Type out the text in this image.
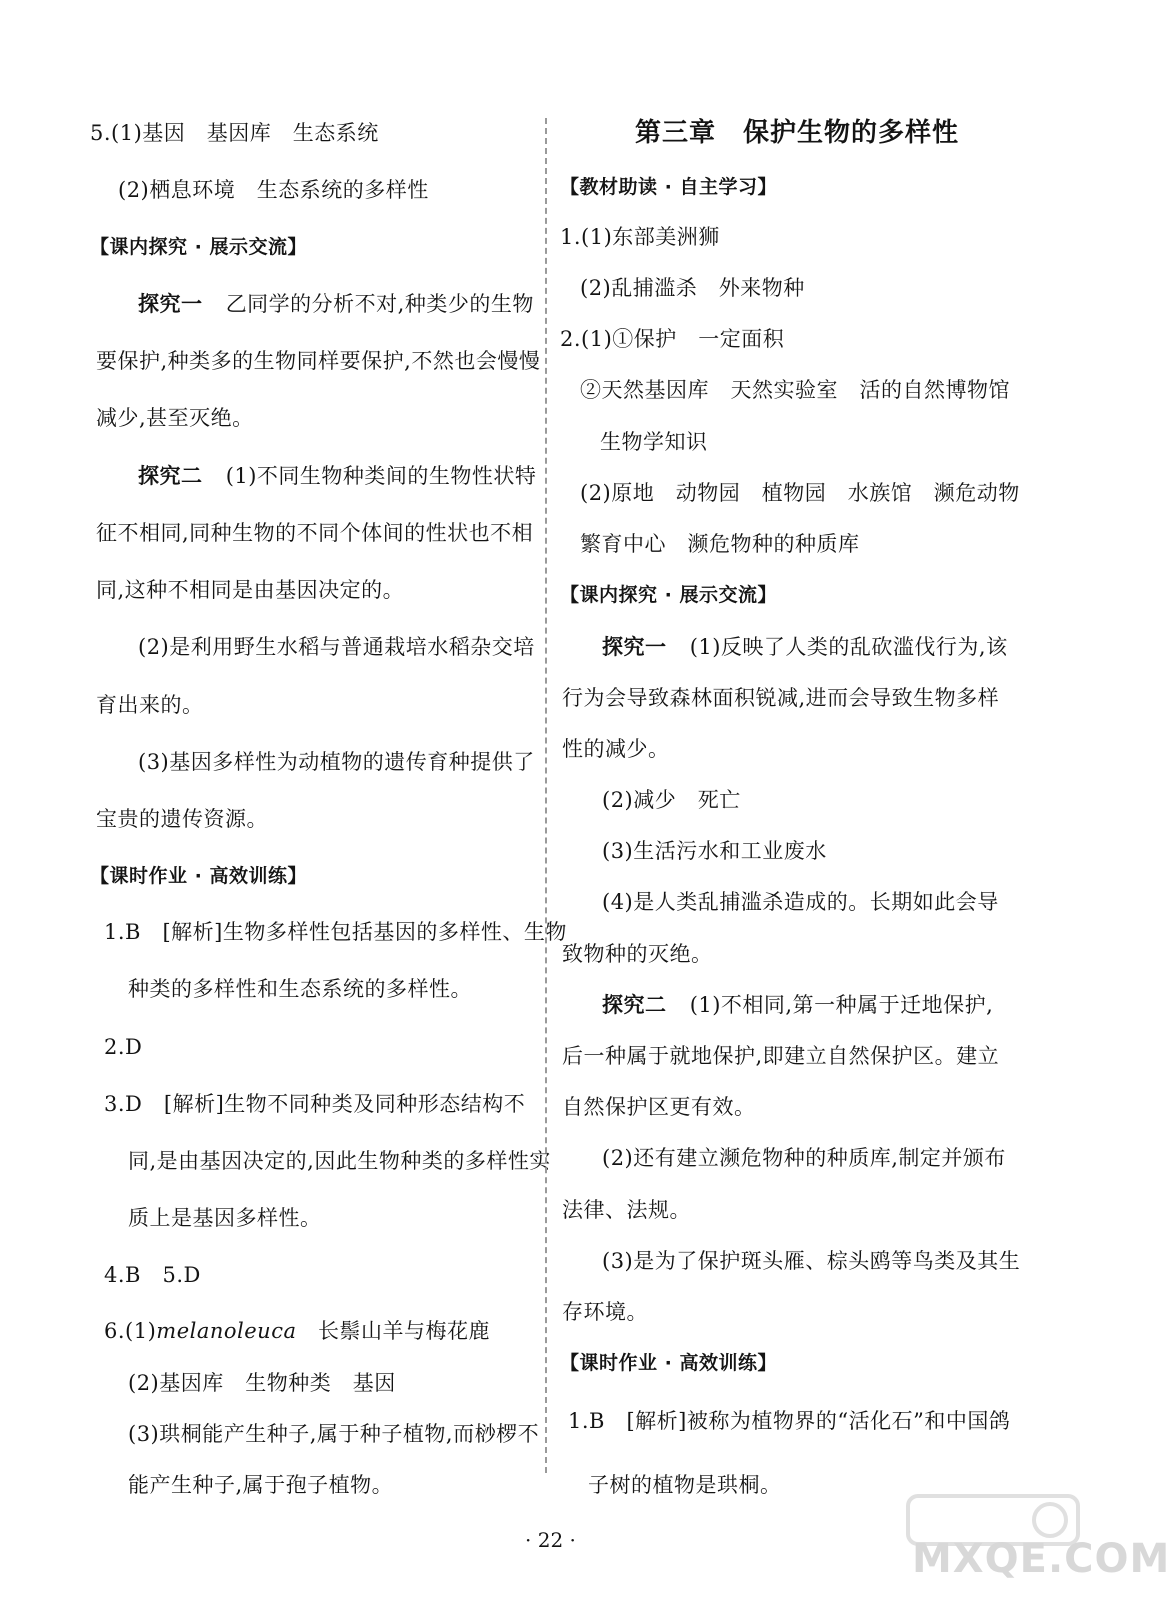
5.(1)基因　基因库　生态系统
(2)栖息环境　生态系统的多样性
【课内探究 · 展示交流】
探究一 乙同学的分析不对,种类少的生物
要保护,种类多的生物同样要保护,不然也会慢慢
减少,甚至灭绝。
探究二 (1)不同生物种类间的生物性状特
征不相同,同种生物的不同个体间的性状也不相
同,这种不相同是由基因决定的。
(2)是利用野生水稻与普通栽培水稻杂交培
育出来的。
(3)基因多样性为动植物的遗传育种提供了
宝贵的遗传资源。
【课时作业 · 高效训练】
1.B　[解析]生物多样性包括基因的多样性、生物
种类的多样性和生态系统的多样性。
2.D
3.D　[解析]生物不同种类及同种形态结构不
同,是由基因决定的,因此生物种类的多样性实
质上是基因多样性。
4.B　5.D
6.(1)melanoleuca　长鬃山羊与梅花鹿
(2)基因库　生物种类　基因
(3)珙桐能产生种子,属于种子植物,而桫椤不
能产生种子,属于孢子植物。
第三章　保护生物的多样性
【教材助读 · 自主学习】
1.(1)东部美洲狮
(2)乱捕滥杀　外来物种
2.(1)①保护　一定面积
②天然基因库　天然实验室　活的自然博物馆
生物学知识
(2)原地　动物园　植物园　水族馆　濒危动物
繁育中心　濒危物种的种质库
【课内探究 · 展示交流】
探究一 (1)反映了人类的乱砍滥伐行为,该
行为会导致森林面积锐减,进而会导致生物多样
性的减少。
(2)减少　死亡
(3)生活污水和工业废水
(4)是人类乱捕滥杀造成的。长期如此会导
致物种的灭绝。
探究二 (1)不相同,第一种属于迁地保护,
后一种属于就地保护,即建立自然保护区。建立
自然保护区更有效。
(2)还有建立濒危物种的种质库,制定并颁布
法律、法规。
(3)是为了保护斑头雁、棕头鸥等鸟类及其生
存环境。
【课时作业 · 高效训练】
1.B　[解析]被称为植物界的“活化石”和中国鸽
子树的植物是珙桐。
· 22 ·	MXQE.COM
